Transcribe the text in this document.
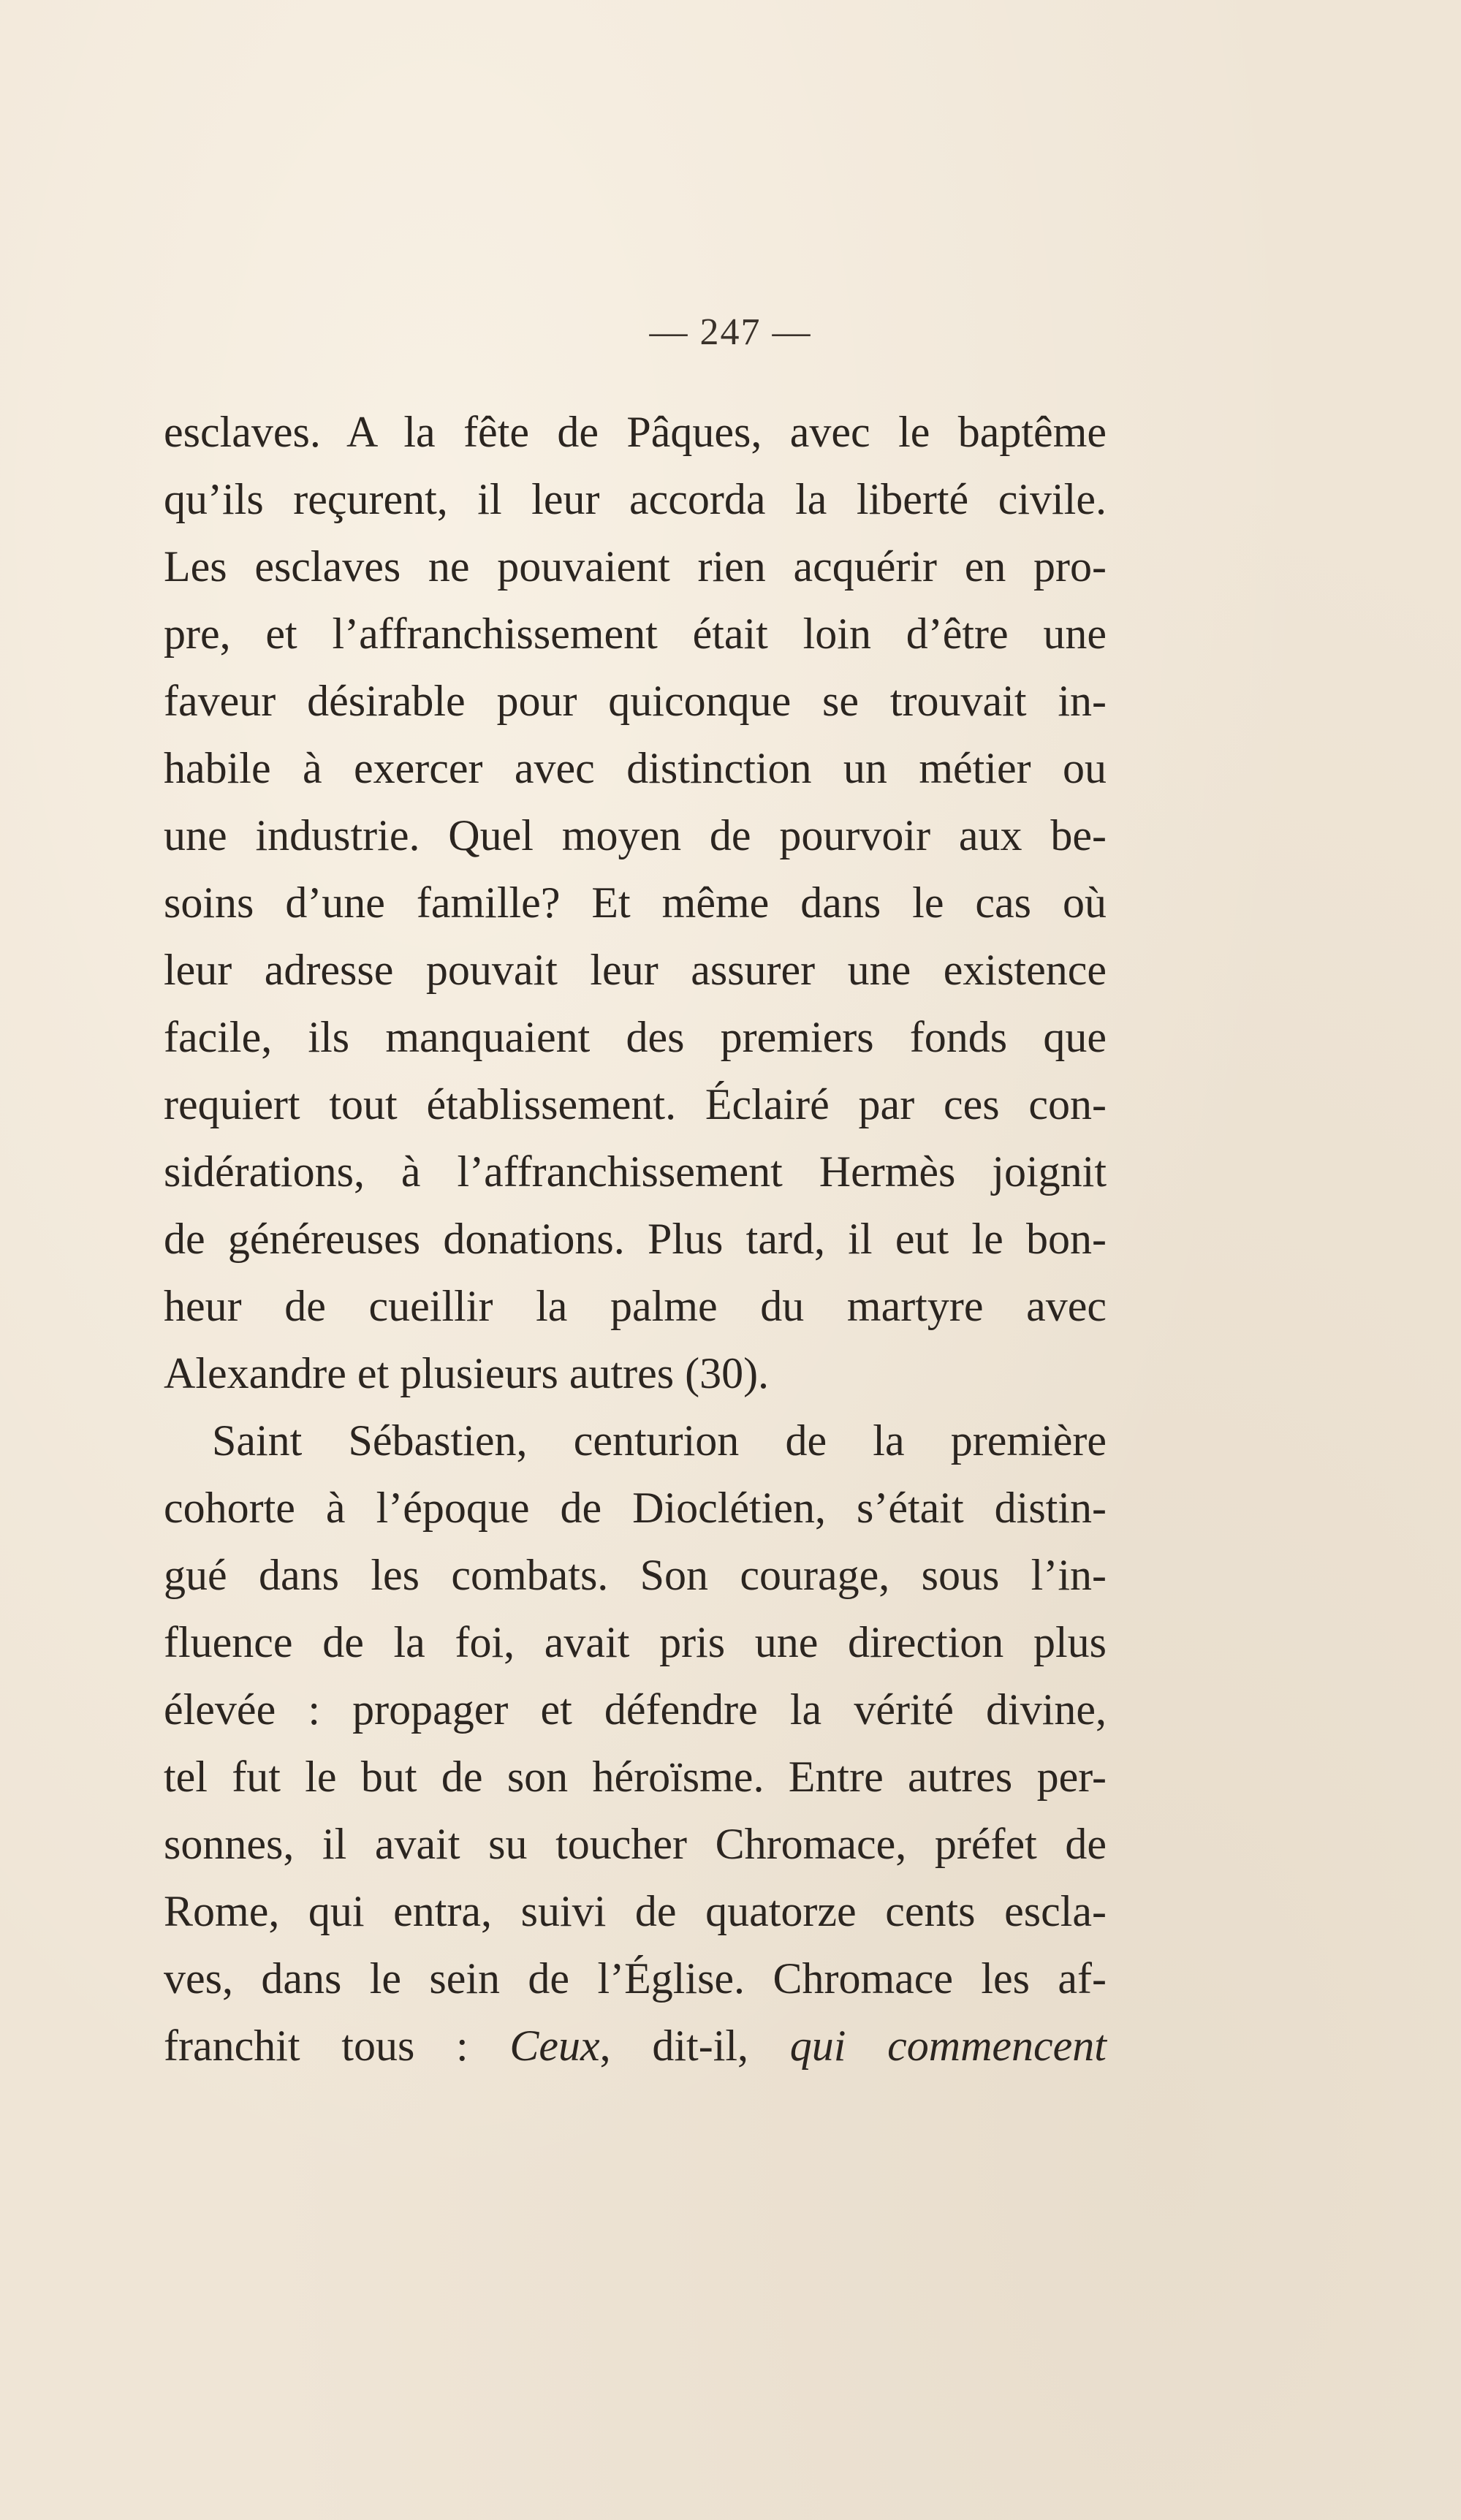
— 247 —
esclaves. A la fête de Pâques, avec le baptême
qu’ils reçurent, il leur accorda la liberté civile.
Les esclaves ne pouvaient rien acquérir en pro-
pre, et l’affranchissement était loin d’être une
faveur désirable pour quiconque se trouvait in-
habile à exercer avec distinction un métier ou
une industrie. Quel moyen de pourvoir aux be-
soins d’une famille? Et même dans le cas où
leur adresse pouvait leur assurer une existence
facile, ils manquaient des premiers fonds que
requiert tout établissement. Éclairé par ces con-
sidérations, à l’affranchissement Hermès joignit
de généreuses donations. Plus tard, il eut le bon-
heur de cueillir la palme du martyre avec
Alexandre et plusieurs autres (30).
Saint Sébastien, centurion de la première
cohorte à l’époque de Dioclétien, s’était distin-
gué dans les combats. Son courage, sous l’in-
fluence de la foi, avait pris une direction plus
élevée : propager et défendre la vérité divine,
tel fut le but de son héroïsme. Entre autres per-
sonnes, il avait su toucher Chromace, préfet de
Rome, qui entra, suivi de quatorze cents escla-
ves, dans le sein de l’Église. Chromace les af-
franchit tous : Ceux, dit-il, qui commencent
